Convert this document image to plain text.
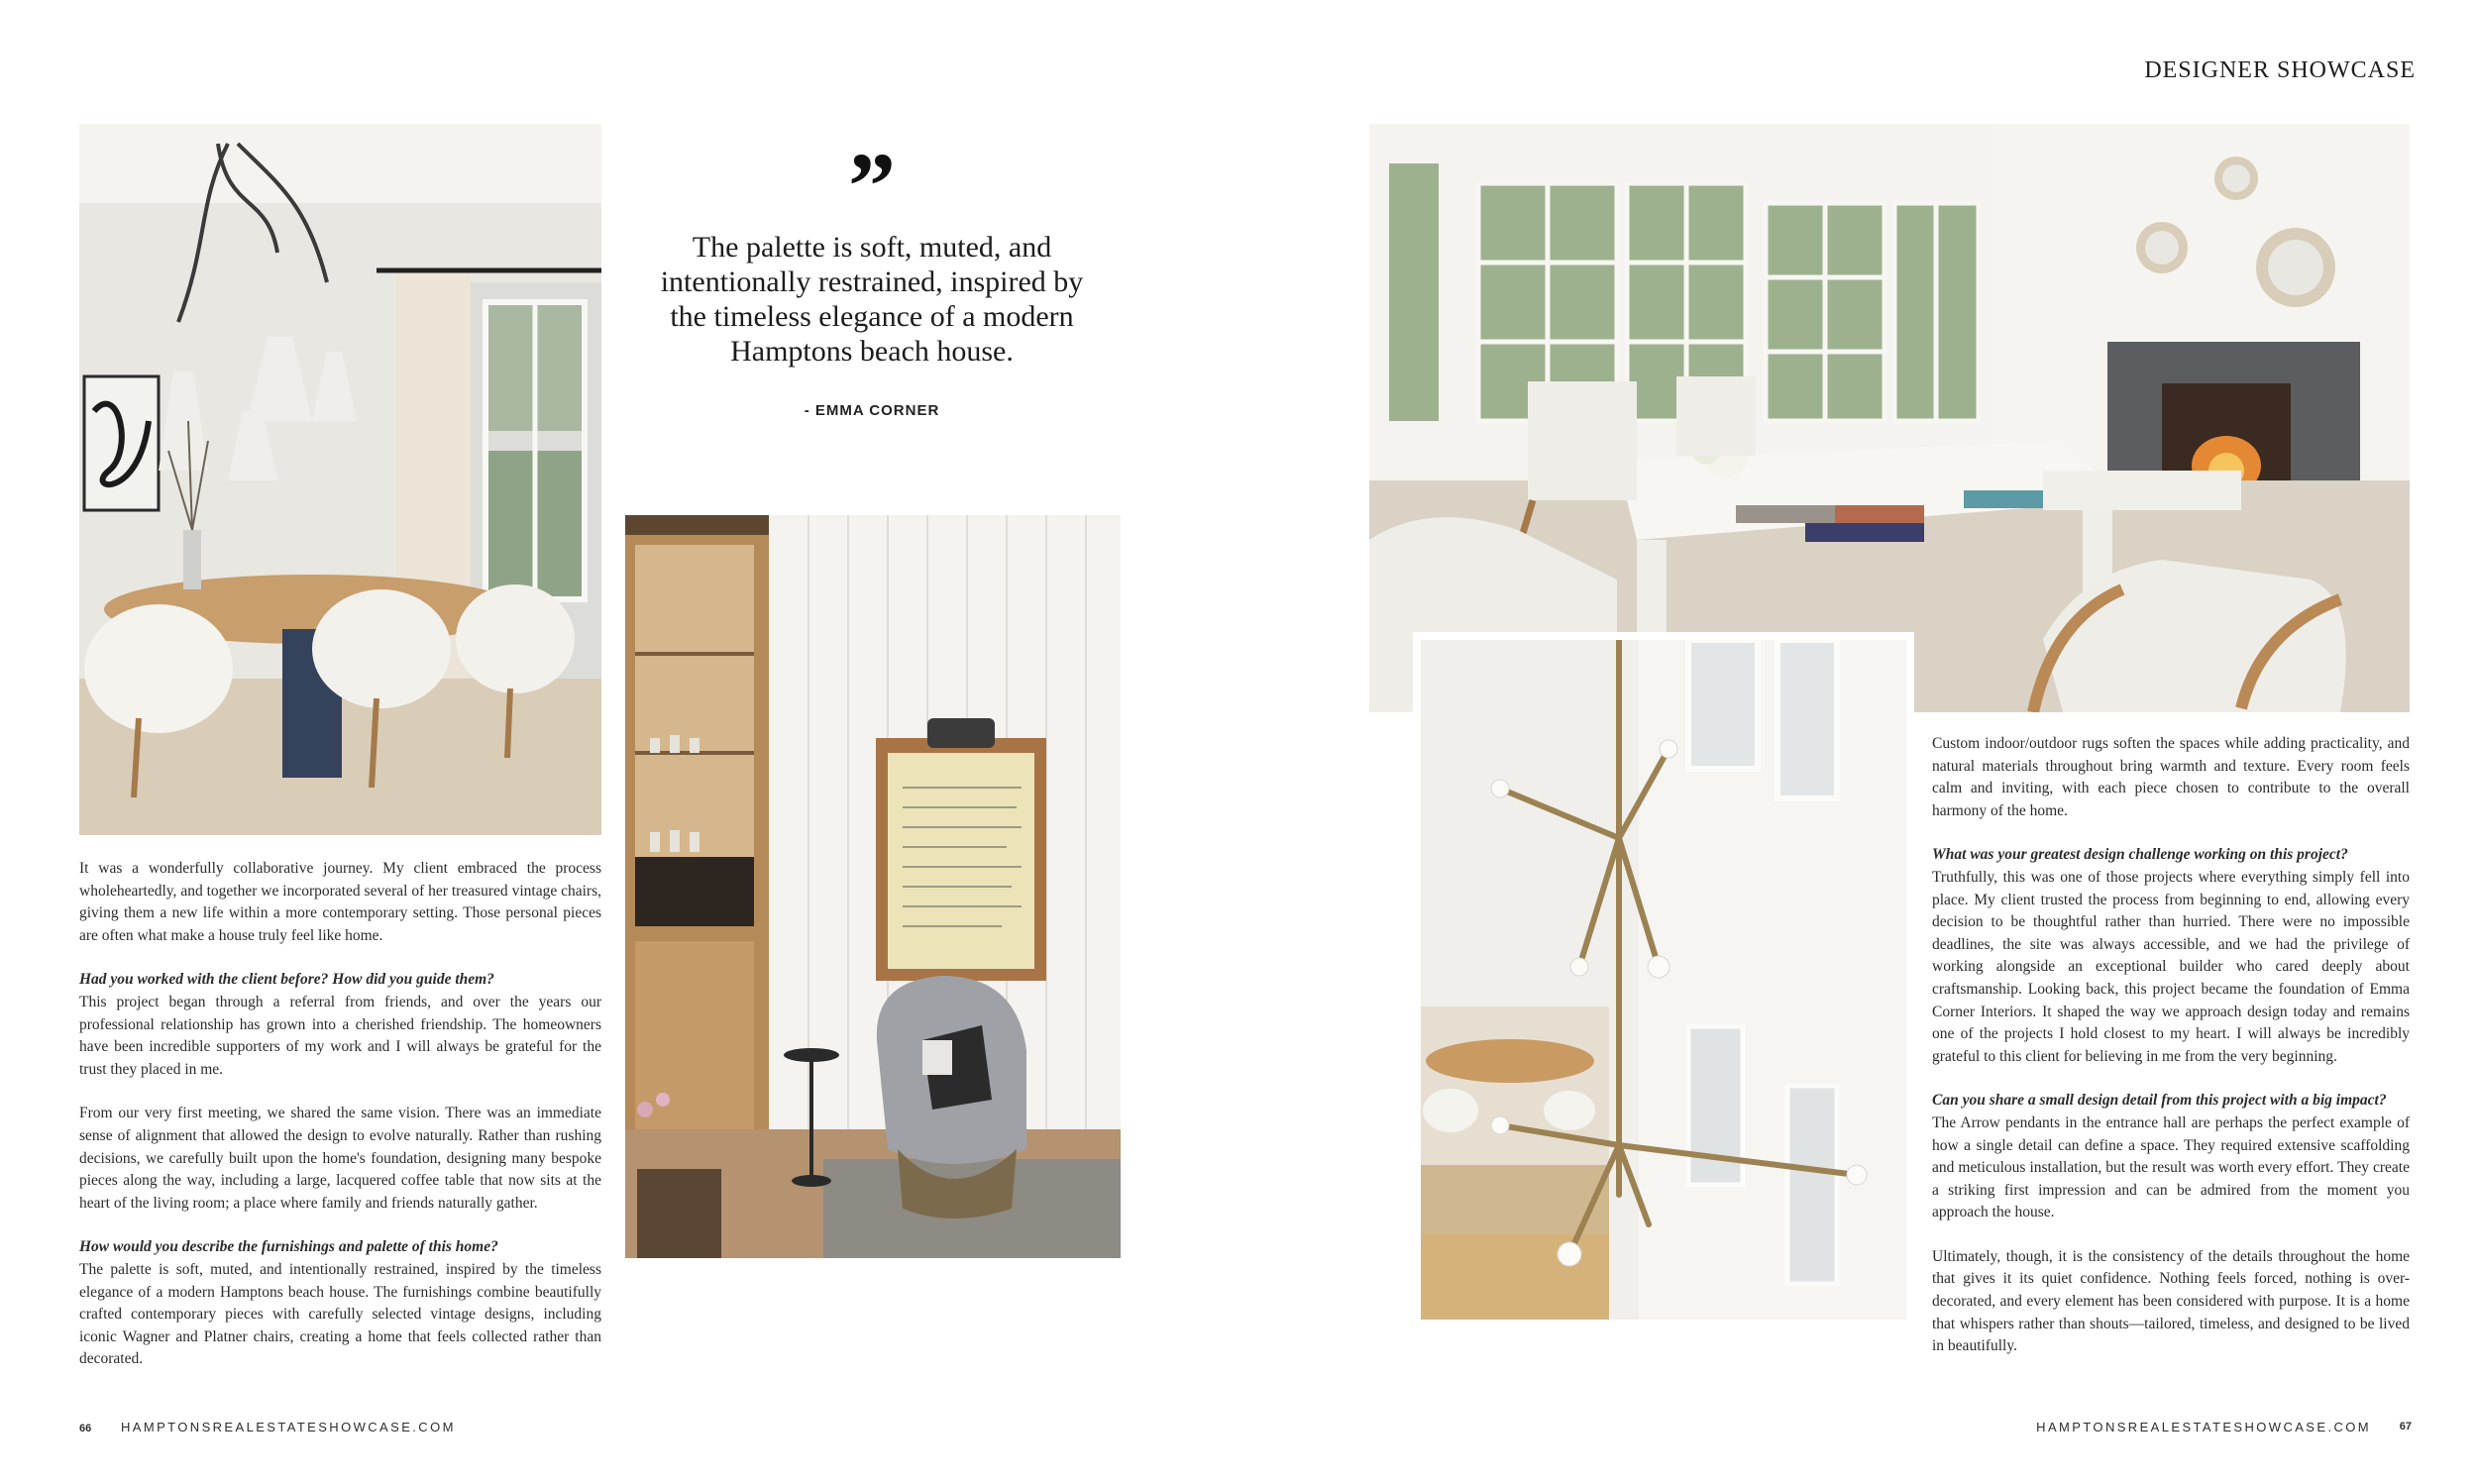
DESIGNER SHOWCASE
”
The palette is soft, muted, and intentionally restrained, inspired by the timeless elegance of a modern Hamptons beach house.
- EMMA CORNER

It was a wonderfully collaborative journey. My client embraced the process wholeheartedly, and together we incorporated several of her treasured vintage chairs, giving them a new life within a more contemporary setting. Those personal pieces are often what make a house truly feel like home.

Had you worked with the client before? How did you guide them?

This project began through a referral from friends, and over the years our professional relationship has grown into a cherished friendship. The homeowners have been incredible supporters of my work and I will always be grateful for the trust they placed in me.

From our very first meeting, we shared the same vision. There was an immediate sense of alignment that allowed the design to evolve naturally. Rather than rushing decisions, we carefully built upon the home's foundation, designing many bespoke pieces along the way, including a large, lacquered coffee table that now sits at the heart of the living room; a place where family and friends naturally gather.

How would you describe the furnishings and palette of this home?

The palette is soft, muted, and intentionally restrained, inspired by the timeless elegance of a modern Hamptons beach house. The furnishings combine beautifully crafted contemporary pieces with carefully selected vintage designs, including iconic Wagner and Platner chairs, creating a home that feels collected rather than decorated.

Custom indoor/outdoor rugs soften the spaces while adding practicality, and natural materials throughout bring warmth and texture. Every room feels calm and inviting, with each piece chosen to contribute to the overall harmony of the home.

What was your greatest design challenge working on this project?

Truthfully, this was one of those projects where everything simply fell into place. My client trusted the process from beginning to end, allowing every decision to be thoughtful rather than hurried. There were no impossible deadlines, the site was always accessible, and we had the privilege of working alongside an exceptional builder who cared deeply about craftsmanship. Looking back, this project became the foundation of Emma Corner Interiors. It shaped the way we approach design today and remains one of the projects I hold closest to my heart. I will always be incredibly grateful to this client for believing in me from the very beginning.

Can you share a small design detail from this project with a big impact?

The Arrow pendants in the entrance hall are perhaps the perfect example of how a single detail can define a space. They required extensive scaffolding and meticulous installation, but the result was worth every effort. They create a striking first impression and can be admired from the moment you approach the house.

Ultimately, though, it is the consistency of the details throughout the home that gives it its quiet confidence. Nothing feels forced, nothing is over-decorated, and every element has been considered with purpose. It is a home that whispers rather than shouts—tailored, timeless, and designed to be lived in beautifully.

66 HAMPTONSREALESTATESHOWCASE.COM	HAMPTONSREALESTATESHOWCASE.COM	67
